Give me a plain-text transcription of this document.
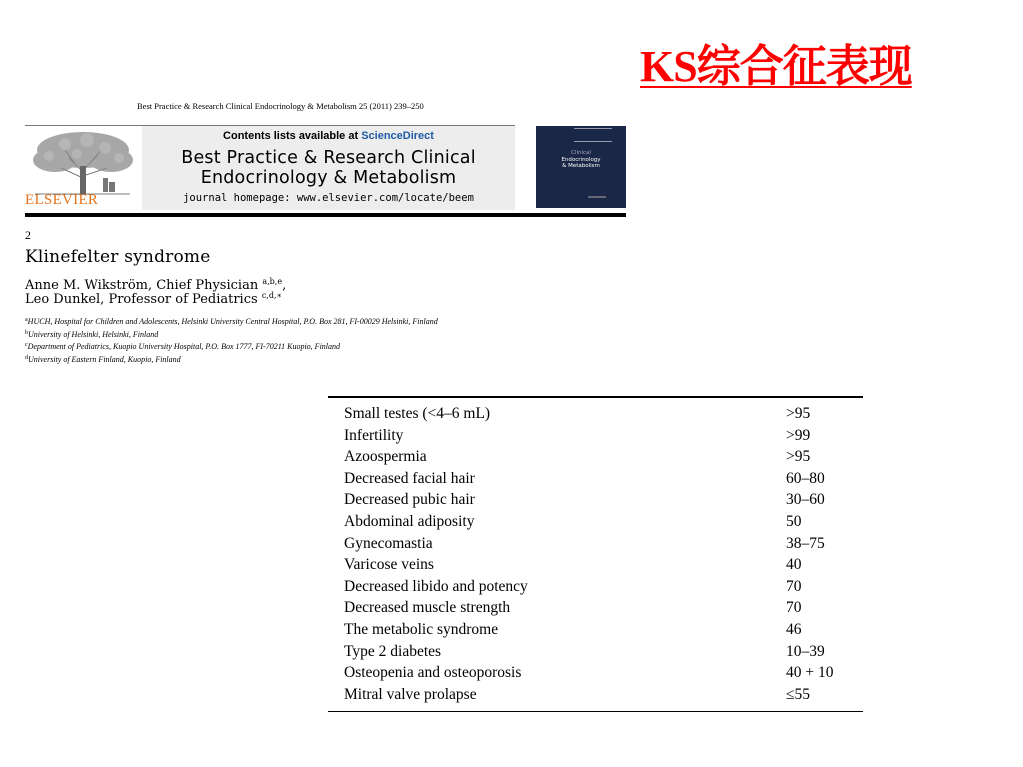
KS综合征表现
Best Practice & Research Clinical Endocrinology & Metabolism 25 (2011) 239–250
ELSEVIER
Contents lists available at ScienceDirect
Best Practice & Research Clinical
Endocrinology & Metabolism
journal homepage: www.elsevier.com/locate/beem
Clinical
Endocrinology
& Metabolism
2
Klinefelter syndrome
Anne M. Wikström, Chief Physician $^{a,b,e}$,
Leo Dunkel, Professor of Pediatrics $^{c,d,∗}$
$^a$HUCH, Hospital for Children and Adolescents, Helsinki University Central Hospital, P.O. Box 281, FI-00029 Helsinki, Finland
$^b$University of Helsinki, Helsinki, Finland
$^c$Department of Pediatrics, Kuopio University Hospital, P.O. Box 1777, FI-70211 Kuopio, Finland
$^d$University of Eastern Finland, Kuopio, Finland
Small testes (<4–6 mL)	>95
Infertility	>99
Azoospermia	>95
Decreased facial hair	60–80
Decreased pubic hair	30–60
Abdominal adiposity	50
Gynecomastia	38–75
Varicose veins	40
Decreased libido and potency	70
Decreased muscle strength	70
The metabolic syndrome	46
Type 2 diabetes	10–39
Osteopenia and osteoporosis	40 + 10
Mitral valve prolapse	≤55
